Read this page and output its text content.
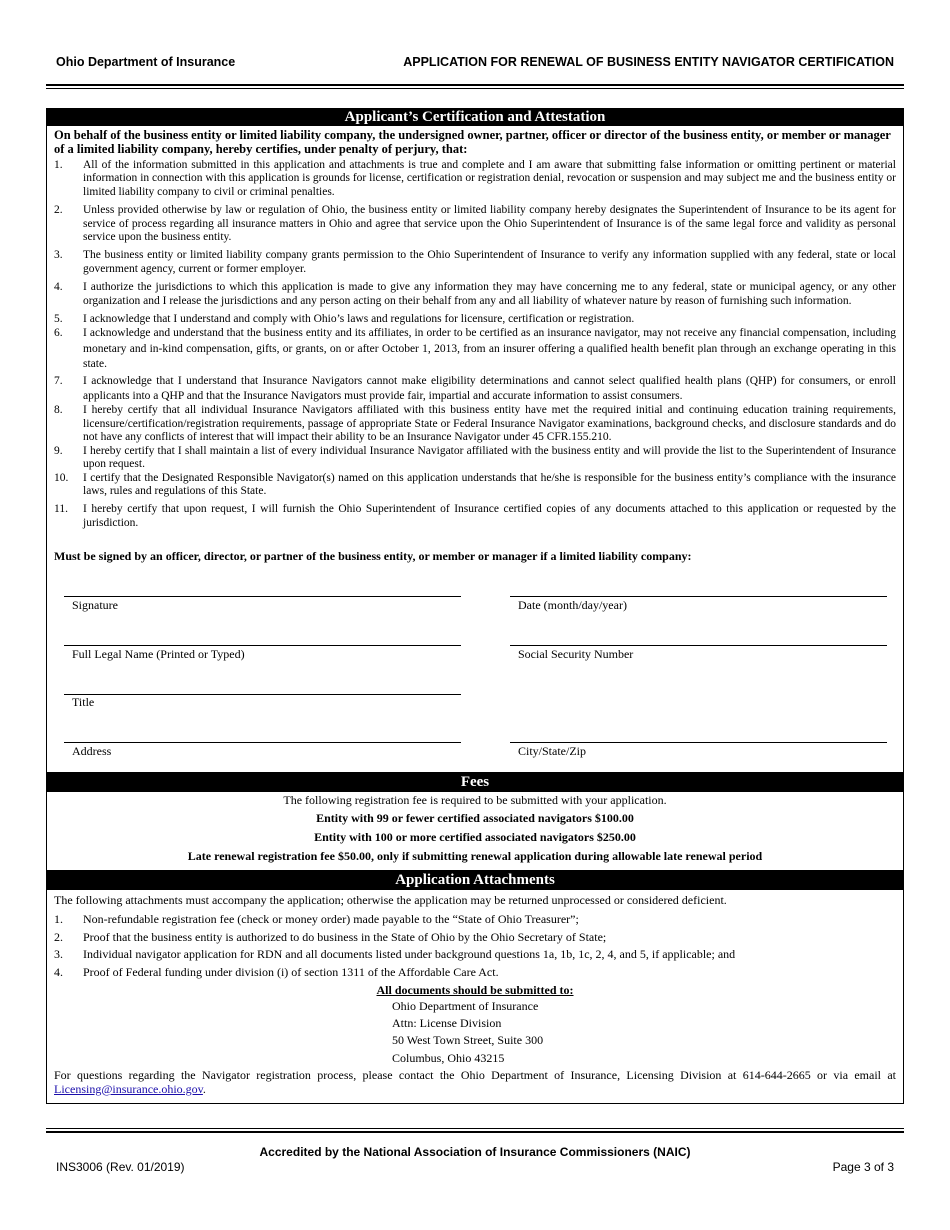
Ohio Department of Insurance	APPLICATION FOR RENEWAL OF BUSINESS ENTITY NAVIGATOR CERTIFICATION
Applicant’s Certification and Attestation
On behalf of the business entity or limited liability company, the undersigned owner, partner, officer or director of the business entity, or member or manager of a limited liability company, hereby certifies, under penalty of perjury, that:
1. All of the information submitted in this application and attachments is true and complete and I am aware that submitting false information or omitting pertinent or material information in connection with this application is grounds for license, certification or registration denial, revocation or suspension and may subject me and the business entity or limited liability company to civil or criminal penalties.
2. Unless provided otherwise by law or regulation of Ohio, the business entity or limited liability company hereby designates the Superintendent of Insurance to be its agent for service of process regarding all insurance matters in Ohio and agree that service upon the Ohio Superintendent of Insurance is of the same legal force and validity as personal service upon the business entity.
3. The business entity or limited liability company grants permission to the Ohio Superintendent of Insurance to verify any information supplied with any federal, state or local government agency, current or former employer.
4. I authorize the jurisdictions to which this application is made to give any information they may have concerning me to any federal, state or municipal agency, or any other organization and I release the jurisdictions and any person acting on their behalf from any and all liability of whatever nature by reason of furnishing such information.
5. I acknowledge that I understand and comply with Ohio’s laws and regulations for licensure, certification or registration.
6. I acknowledge and understand that the business entity and its affiliates, in order to be certified as an insurance navigator, may not receive any financial compensation, including monetary and in-kind compensation, gifts, or grants, on or after October 1, 2013, from an insurer offering a qualified health benefit plan through an exchange operating in this state.
7. I acknowledge that I understand that Insurance Navigators cannot make eligibility determinations and cannot select qualified health plans (QHP) for consumers, or enroll applicants into a QHP and that the Insurance Navigators must provide fair, impartial and accurate information to assist consumers.
8. I hereby certify that all individual Insurance Navigators affiliated with this business entity have met the required initial and continuing education training requirements, licensure/certification/registration requirements, passage of appropriate State or Federal Insurance Navigator examinations, background checks, and disclosure standards and do not have any conflicts of interest that will impact their ability to be an Insurance Navigator under 45 CFR.155.210.
9. I hereby certify that I shall maintain a list of every individual Insurance Navigator affiliated with the business entity and will provide the list to the Superintendent of Insurance upon request.
10. I certify that the Designated Responsible Navigator(s) named on this application understands that he/she is responsible for the business entity’s compliance with the insurance laws, rules and regulations of this State.
11. I hereby certify that upon request, I will furnish the Ohio Superintendent of Insurance certified copies of any documents attached to this application or requested by the jurisdiction.
Must be signed by an officer, director, or partner of the business entity, or member or manager if a limited liability company:
Signature	Date (month/day/year)
Full Legal Name (Printed or Typed)	Social Security Number
Title
Address	City/State/Zip
Fees
The following registration fee is required to be submitted with your application.
Entity with 99 or fewer certified associated navigators $100.00
Entity with 100 or more certified associated navigators $250.00
Late renewal registration fee $50.00, only if submitting renewal application during allowable late renewal period
Application Attachments
The following attachments must accompany the application; otherwise the application may be returned unprocessed or considered deficient.
1. Non-refundable registration fee (check or money order) made payable to the “State of Ohio Treasurer”;
2. Proof that the business entity is authorized to do business in the State of Ohio by the Ohio Secretary of State;
3. Individual navigator application for RDN and all documents listed under background questions 1a, 1b, 1c, 2, 4, and 5, if applicable; and
4. Proof of Federal funding under division (i) of section 1311 of the Affordable Care Act.
All documents should be submitted to:
Ohio Department of Insurance
Attn: License Division
50 West Town Street, Suite 300
Columbus, Ohio 43215
For questions regarding the Navigator registration process, please contact the Ohio Department of Insurance, Licensing Division at 614-644-2665 or via email at Licensing@insurance.ohio.gov.
Accredited by the National Association of Insurance Commissioners (NAIC)
INS3006 (Rev. 01/2019)	Page 3 of 3
